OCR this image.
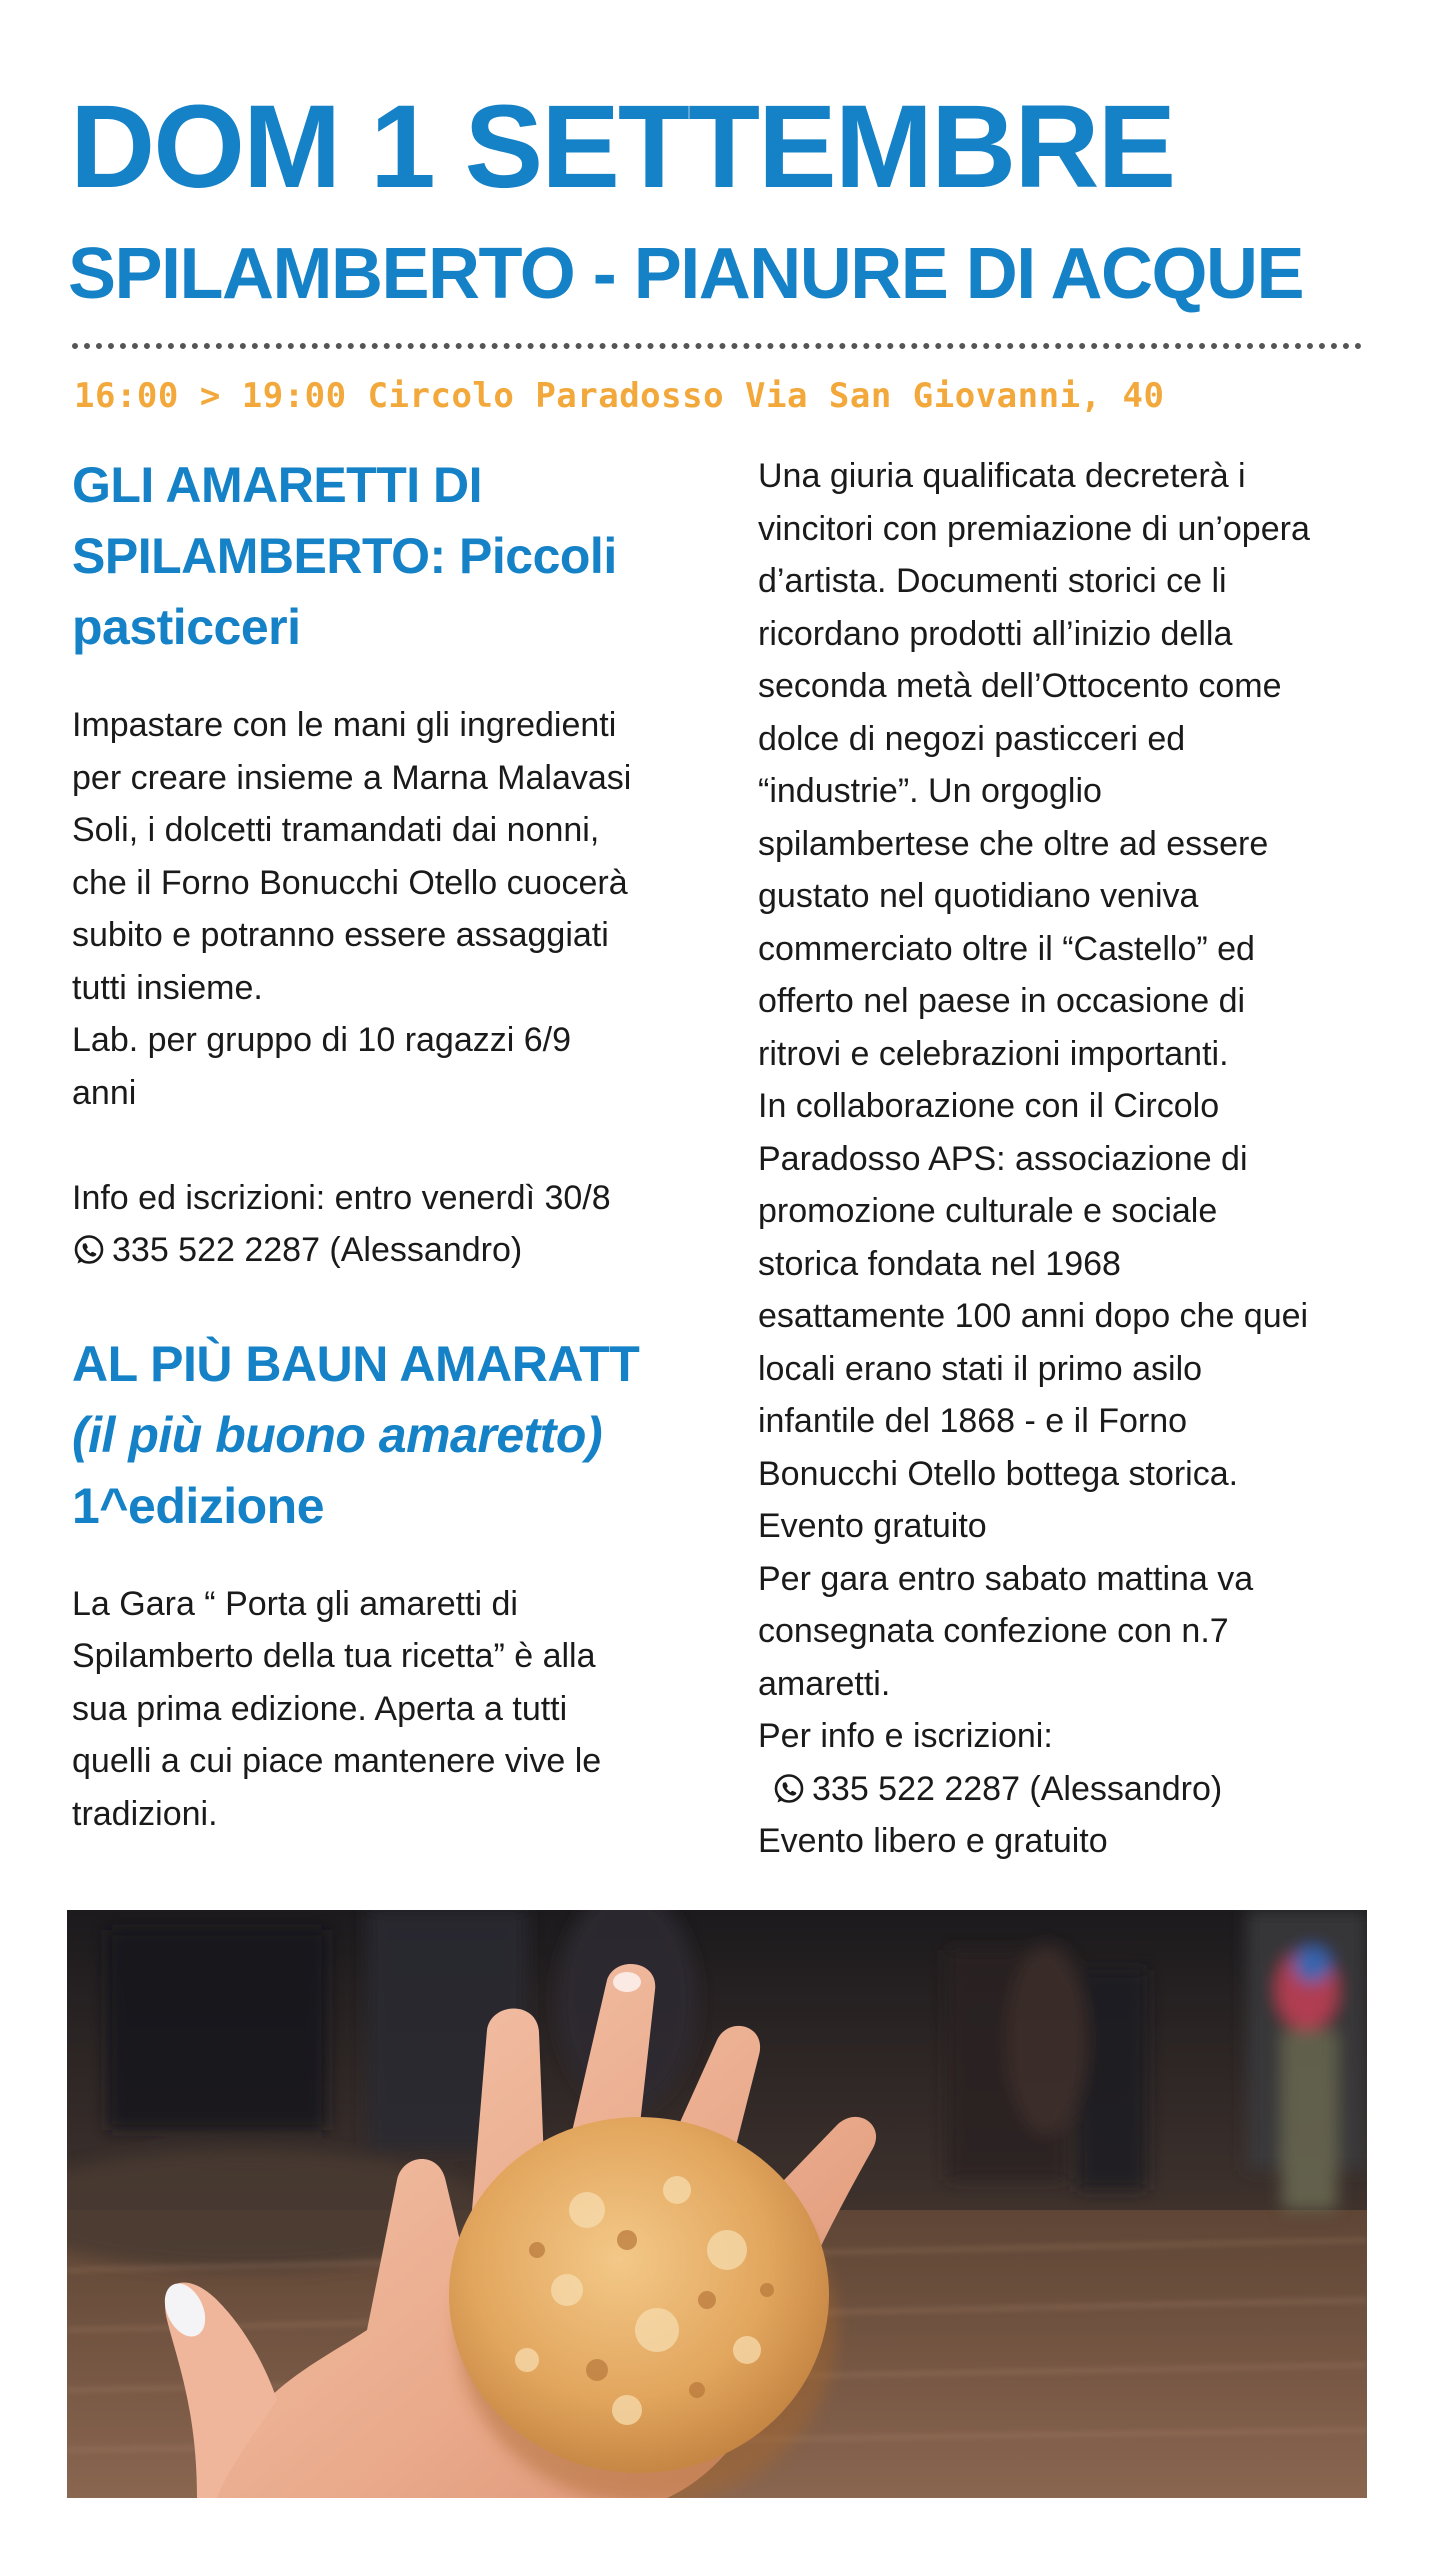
DOM 1 SETTEMBRE
SPILAMBERTO - PIANURE DI ACQUE
16:00 > 19:00 Circolo Paradosso Via San Giovanni, 40
GLI AMARETTI DI
SPILAMBERTO: Piccoli
pasticceri
Impastare con le mani gli ingredienti
per creare insieme a Marna Malavasi
Soli, i dolcetti tramandati dai nonni,
che il Forno Bonucchi Otello cuocerà
subito e potranno essere assaggiati
tutti insieme.
Lab. per gruppo di 10 ragazzi 6/9
anni
Info ed iscrizioni: entro venerdì 30/8
335 522 2287 (Alessandro)
AL PIÙ BAUN AMARATT
(il più buono amaretto)
1^edizione
La Gara “ Porta gli amaretti di
Spilamberto della tua ricetta” è alla
sua prima edizione. Aperta a tutti
quelli a cui piace mantenere vive le
tradizioni.
Una giuria qualificata decreterà i
vincitori con premiazione di un’opera
d’artista. Documenti storici ce li
ricordano prodotti all’inizio della
seconda metà dell’Ottocento come
dolce di negozi pasticceri ed
“industrie”. Un orgoglio
spilambertese che oltre ad essere
gustato nel quotidiano veniva
commerciato oltre il “Castello” ed
offerto nel paese in occasione di
ritrovi e celebrazioni importanti.
In collaborazione con il Circolo
Paradosso APS: associazione di
promozione culturale e sociale
storica fondata nel 1968
esattamente 100 anni dopo che quei
locali erano stati il primo asilo
infantile del 1868 - e il Forno
Bonucchi Otello bottega storica.
Evento gratuito
Per gara entro sabato mattina va
consegnata confezione con n.7
amaretti.
Per info e iscrizioni:
335 522 2287 (Alessandro)
Evento libero e gratuito
